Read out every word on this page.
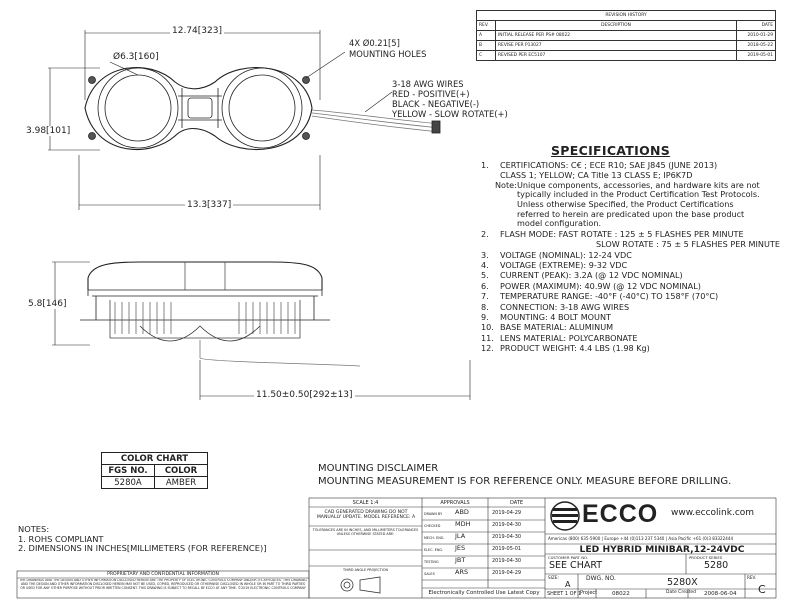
12.74[323]
Ø6.3[160]
4X Ø0.21[5]
MOUNTING HOLES
3.98[101]
13.3[337]
5.8[146]
11.50±0.50[292±13]
3-18 AWG WIRES
RED - POSITIVE(+)
BLACK - NEGATIVE(-)
YELLOW - SLOW ROTATE(+)
REVISION HISTORY		
REV.	DESCRIPTION	DATE
A	INITIAL RELEASE PER PS# 08022	2010-01-29
B	REVISE PER P13027	2018-05-22
C	REVISED PER EC5107	2019-05-01
SPECIFICATIONS
1. CERTIFICATIONS: C€ ; ECE R10; SAE J845 (JUNE 2013)
CLASS 1; YELLOW; CA Title 13 CLASS E; IP6K7D
Note: Unique components, accessories, and hardware kits are not typically included in the Product Certification Test Protocols. Unless otherwise Specified, the Product Certifications referred to herein are predicated upon the base product model configuration.
2. FLASH MODE: FAST ROTATE : 125 ± 5 FLASHES PER MINUTE
SLOW ROTATE : 75 ± 5 FLASHES PER MINUTE
3. VOLTAGE (NOMINAL): 12-24 VDC
4. VOLTAGE (EXTREME): 9-32 VDC
5. CURRENT (PEAK): 3.2A (@ 12 VDC NOMINAL)
6. POWER (MAXIMUM): 40.9W (@ 12 VDC NOMINAL)
7. TEMPERATURE RANGE: -40°F (-40°C) TO 158°F (70°C)
8. CONNECTION: 3-18 AWG WIRES
9. MOUNTING: 4 BOLT MOUNT
10. BASE MATERIAL: ALUMINUM
11. LENS MATERIAL: POLYCARBONATE
12. PRODUCT WEIGHT: 4.4 LBS (1.98 Kg)
COLOR CHART	
FGS NO.	COLOR
5280A	AMBER
MOUNTING DISCLAIMER
MOUNTING MEASUREMENT IS FOR REFERENCE ONLY. MEASURE BEFORE DRILLING.
NOTES:
1. ROHS COMPLIANT
2. DIMENSIONS IN INCHES[MILLIMETERS (FOR REFERENCE)]
PROPRIETARY AND CONFIDENTIAL INFORMATION
THE DRAWINGS AND THE DESIGN AND OTHER INFORMATION DISCLOSED HEREIN ARE THE PROPERTY OF ELECTRONIC CONTROLS COMPANY AND/OR ITS AFFILIATES. THIS DRAWING AND THE DESIGN AND OTHER INFORMATION DISCLOSED HEREIN MAY NOT BE USED, COPIED, REPRODUCED OR OTHERWISE DISCLOSED IN WHOLE OR IN PART TO THIRD PARTIES OR USED FOR ANY OTHER PURPOSE WITHOUT PRIOR WRITTEN CONSENT. THIS DRAWING IS SUBJECT TO RECALL BY ECCO AT ANY TIME. ©2019 ELECTRONIC CONTROLS COMPANY
SCALE 1:4	APPROVALS	DATE
CAD GENERATED DRAWING DO NOT MANUALLY UPDATE. MODEL REFERENCE: A
TOLERANCES ARE IN INCHES, AND MILLIMETERS TOLERANCES UNLESS OTHERWISE STATED ARE:
THIRD ANGLE PROJECTION
DRAWN BY ABD	2019-04-29
CHECKED MDH	2019-04-30
MECH. ENG. JLA	2019-04-30
ELEC. ENG. JES	2019-05-01
TESTING	JBT	2019-04-30
SALES	ARS	2019-04-29
Electronically Controlled Use Latest Copy
ECCO www.eccolink.com
Americas (800) 635-5900 | Europe +44 (0)113 237 5340 | Asia Pacific +61 (0)3 83322444
LED HYBRID MINIBAR,12-24VDC
CUSTOMER PART NO.
SEE CHART
PRODUCT SERIES
5280
SIZE:
A
DWG. NO.	5280X	REV.
C
SHEET 1 OF 1
Project	08022	Date Created 2008-06-04
